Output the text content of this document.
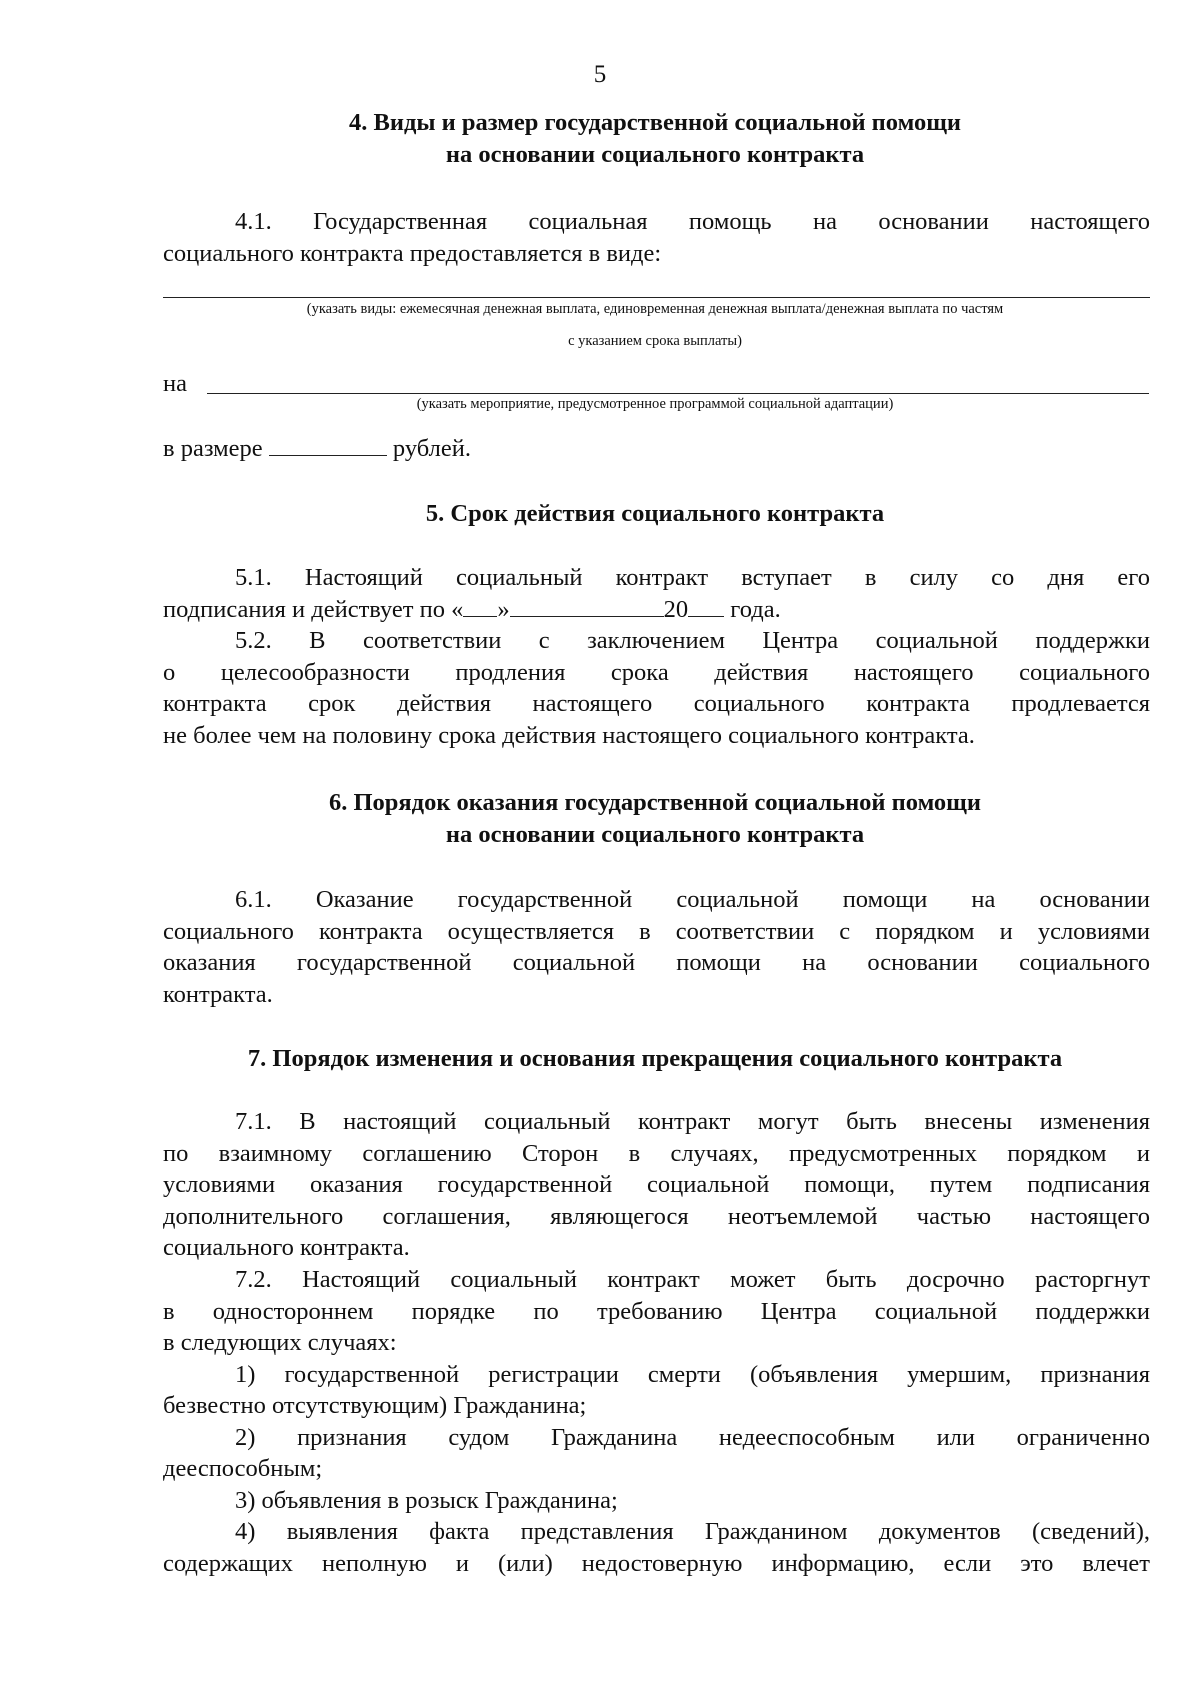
5
4. Виды и размер государственной социальной помощи
на основании социального контракта
4.1. Государственная социальная помощь на основании настоящего
социального контракта предоставляется в виде:
(указать виды: ежемесячная денежная выплата, единовременная денежная выплата/денежная выплата по частям
с указанием срока выплаты)
на
(указать мероприятие, предусмотренное программой социальной адаптации)
в размере	рублей.
5. Срок действия социального контракта
5.1. Настоящий социальный контракт вступает в силу со дня его
подписания и действует по « »	20 года.
5.2. В соответствии с заключением Центра социальной поддержки
о целесообразности продления срока действия настоящего социального
контракта срок действия настоящего социального контракта продлевается
не более чем на половину срока действия настоящего социального контракта.
6. Порядок оказания государственной социальной помощи
на основании социального контракта
6.1. Оказание государственной социальной помощи на основании
социального контракта осуществляется в соответствии с порядком и условиями
оказания государственной социальной помощи на основании социального
контракта.
7. Порядок изменения и основания прекращения социального контракта
7.1. В настоящий социальный контракт могут быть внесены изменения
по взаимному соглашению Сторон в случаях, предусмотренных порядком и
условиями оказания государственной социальной помощи, путем подписания
дополнительного соглашения, являющегося неотъемлемой частью настоящего
социального контракта.
7.2. Настоящий социальный контракт может быть досрочно расторгнут
в одностороннем порядке по требованию Центра социальной поддержки
в следующих случаях:
1) государственной регистрации смерти (объявления умершим, признания
безвестно отсутствующим) Гражданина;
2) признания судом Гражданина недееспособным или ограниченно
дееспособным;
3) объявления в розыск Гражданина;
4) выявления факта представления Гражданином документов (сведений),
содержащих неполную и (или) недостоверную информацию, если это влечет
